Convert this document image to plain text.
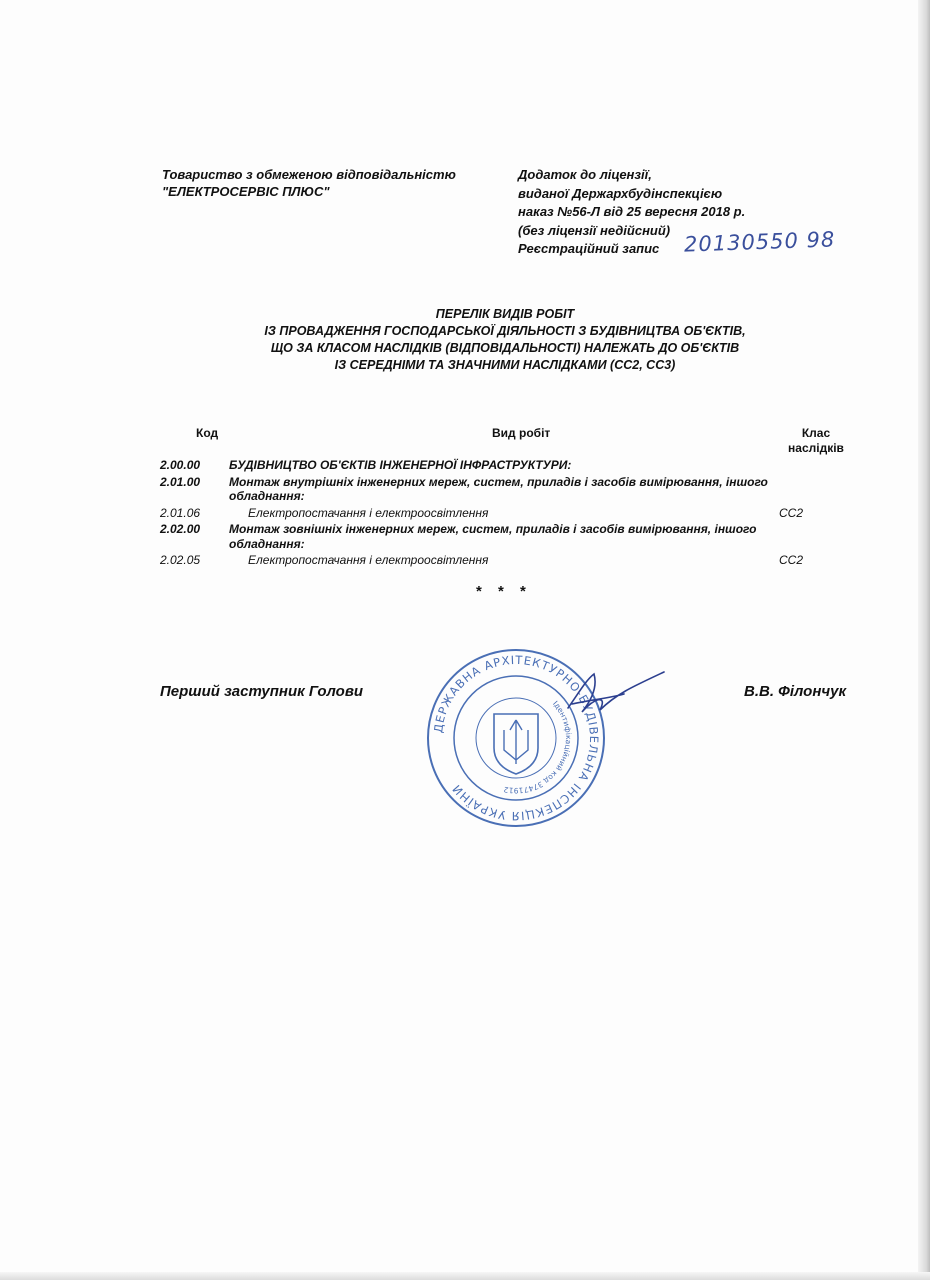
Товариство з обмеженою відповідальністю
"ЕЛЕКТРОСЕРВІС ПЛЮС"
Додаток до ліцензії,
виданої Держархбудінспекцією
наказ №56-Л від 25 вересня 2018 р.
(без ліцензії недійсний)
Реєстраційний запис	20130550 98
ПЕРЕЛІК ВИДІВ РОБІТ
ІЗ ПРОВАДЖЕННЯ ГОСПОДАРСЬКОЇ ДІЯЛЬНОСТІ З БУДІВНИЦТВА ОБ'ЄКТІВ,
ЩО ЗА КЛАСОМ НАСЛІДКІВ (ВІДПОВІДАЛЬНОСТІ) НАЛЕЖАТЬ ДО ОБ'ЄКТІВ
ІЗ СЕРЕДНІМИ ТА ЗНАЧНИМИ НАСЛІДКАМИ (СС2, СС3)
Код	Вид робіт	Клас
наслідків
2.00.00	БУДІВНИЦТВО ОБ'ЄКТІВ ІНЖЕНЕРНОЇ ІНФРАСТРУКТУРИ:
2.01.00	Монтаж внутрішніх інженерних мереж, систем, приладів і засобів вимірювання, іншого обладнання:
2.01.06	Електропостачання і електроосвітлення	СС2
2.02.00	Монтаж зовнішніх інженерних мереж, систем, приладів і засобів вимірювання, іншого обладнання:
2.02.05	Електропостачання і електроосвітлення	СС2
* * *
Перший заступник Голови	В.В. Філончук
ДЕРЖАВНА АРХІТЕКТУРНО-БУДІВЕЛЬНА ІНСПЕКЦІЯ УКРАЇНИ
Ідентифікаційний код 37471912
